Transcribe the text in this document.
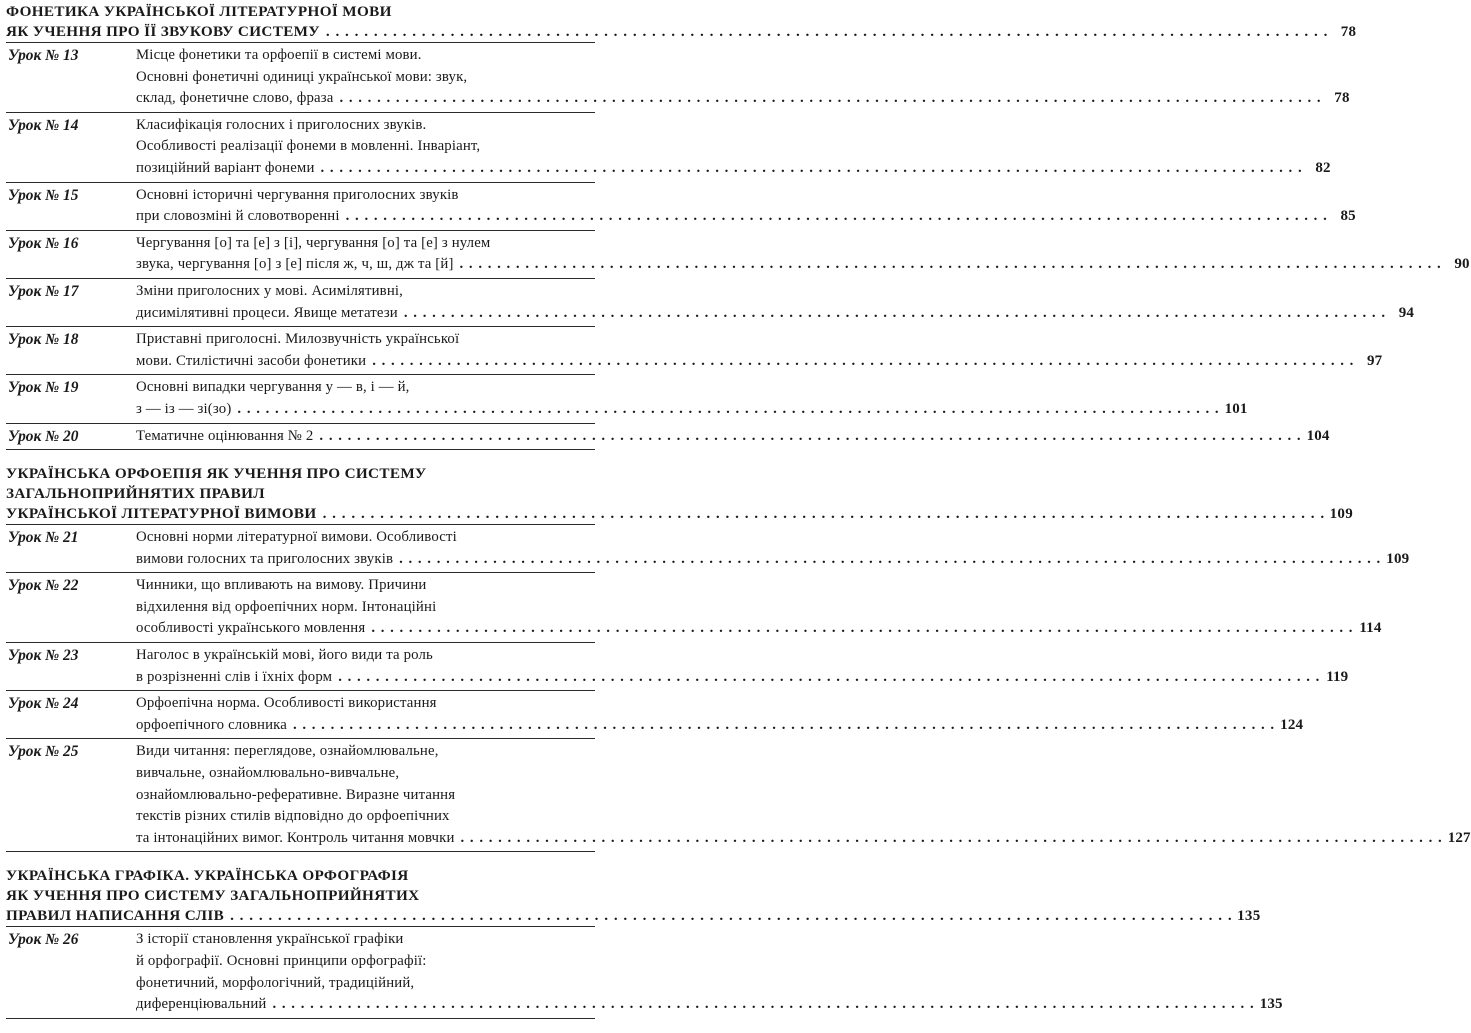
ФОНЕТИКА УКРАЇНСЬКОЇ ЛІТЕРАТУРНОЇ МОВИ
ЯК УЧЕННЯ ПРО ЇЇ ЗВУКОВУ СИСТЕМУ . . .	78
Урок № 13	Місце фонетики та орфоепії в системі мови.
Основні фонетичні одиниці української мови: звук,
склад, фонетичне слово, фраза . . .	78
Урок № 14	Класифікація голосних і приголосних звуків.
Особливості реалізації фонеми в мовленні. Інваріант,
позиційний варіант фонеми . . .	82
Урок № 15	Основні історичні чергування приголосних звуків
при словозміні й словотворенні . . .	85
Урок № 16	Чергування [о] та [е] з [і], чергування [о] та [е] з нулем
звука, чергування [о] з [е] після ж, ч, ш, дж та [й] . . .	90
Урок № 17	Зміни приголосних у мові. Асимілятивні,
дисимілятивні процеси. Явище метатези . . .	94
Урок № 18	Приставні приголосні. Милозвучність української
мови. Стилістичні засоби фонетики . . .	97
Урок № 19	Основні випадки чергування у — в, і — й,
з — із — зі(зо) . . .	101
Урок № 20	Тематичне оцінювання № 2 . . .	104
УКРАЇНСЬКА ОРФОЕПІЯ ЯК УЧЕННЯ ПРО СИСТЕМУ
ЗАГАЛЬНОПРИЙНЯТИХ ПРАВИЛ
УКРАЇНСЬКОЇ ЛІТЕРАТУРНОЇ ВИМОВИ . . .	109
Урок № 21	Основні норми літературної вимови. Особливості
вимови голосних та приголосних звуків . . .	109
Урок № 22	Чинники, що впливають на вимову. Причини
відхилення від орфоепічних норм. Інтонаційні
особливості українського мовлення . . .	114
Урок № 23	Наголос в українській мові, його види та роль
в розрізненні слів і їхніх форм . . .	119
Урок № 24	Орфоепічна норма. Особливості використання
орфоепічного словника . . .	124
Урок № 25	Види читання: переглядове, ознайомлювальне,
вивчальне, ознайомлювально-вивчальне,
ознайомлювально-реферативне. Виразне читання
текстів різних стилів відповідно до орфоепічних
та інтонаційних вимог. Контроль читання мовчки . . .	127
УКРАЇНСЬКА ГРАФІКА. УКРАЇНСЬКА ОРФОГРАФІЯ
ЯК УЧЕННЯ ПРО СИСТЕМУ ЗАГАЛЬНОПРИЙНЯТИХ
ПРАВИЛ НАПИСАННЯ СЛІВ . . .	135
Урок № 26	З історії становлення української графіки
й орфографії. Основні принципи орфографії:
фонетичний, морфологічний, традиційний,
диференціювальний . . .	135
